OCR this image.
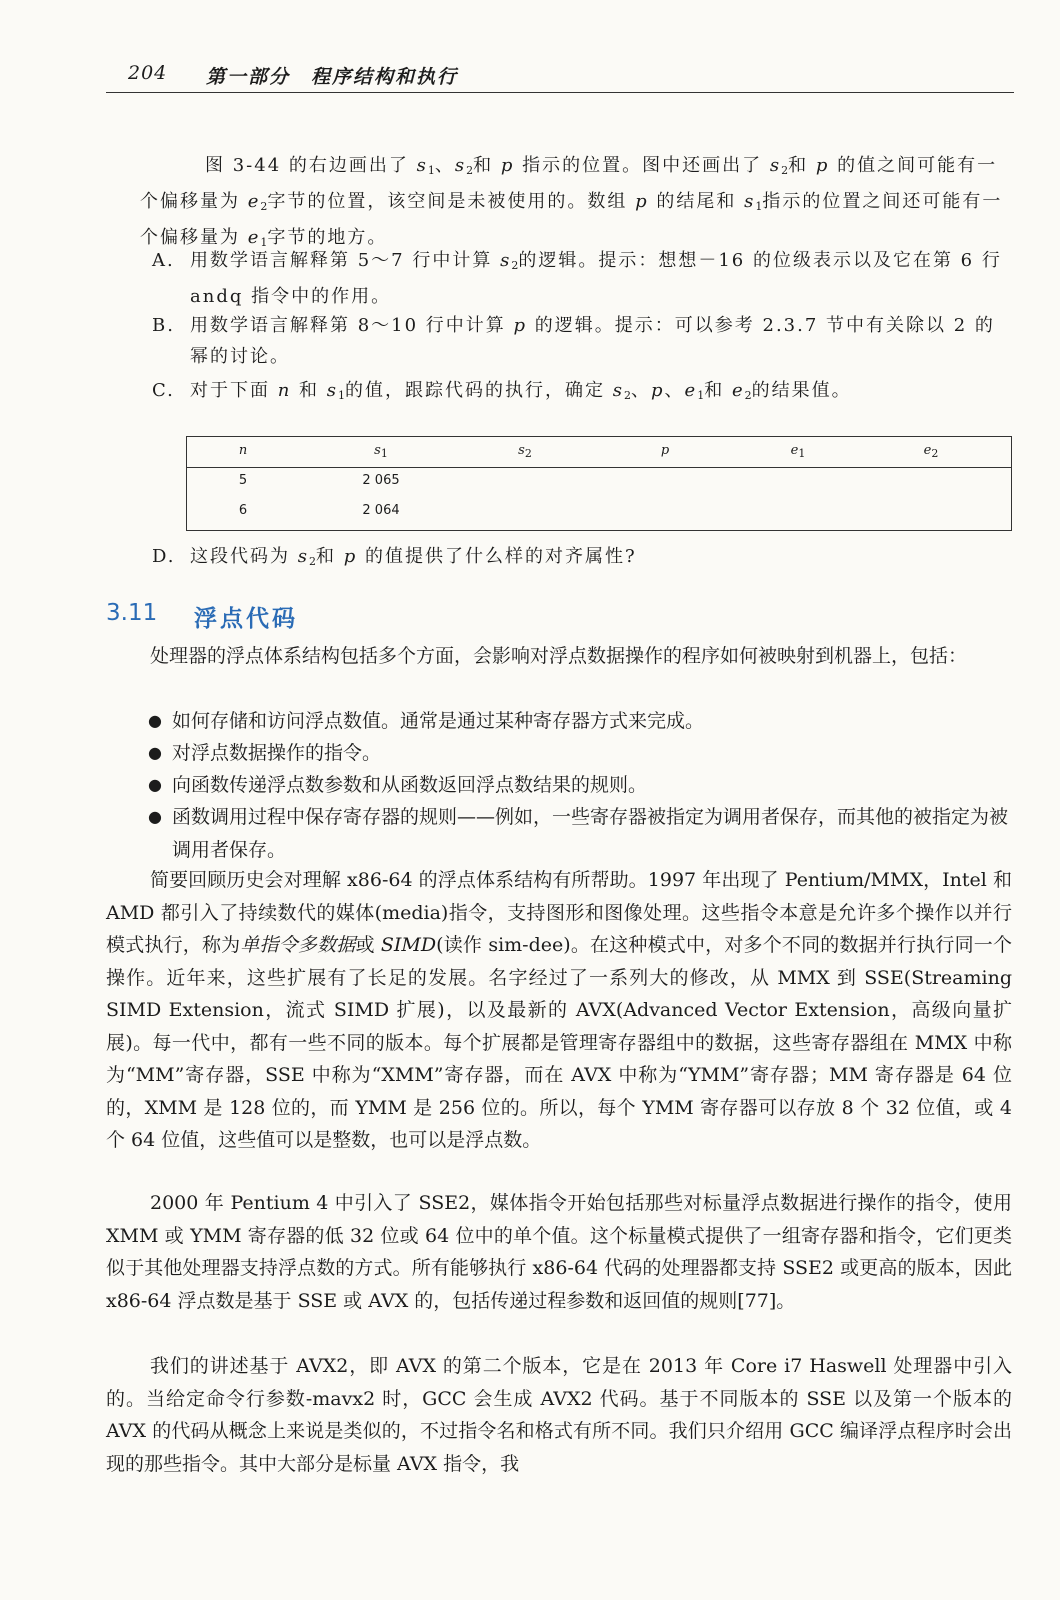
204 第一部分　程序结构和执行

图 3-44 的右边画出了 $s_1$、$s_2$和 p 指示的位置。图中还画出了 $s_2$和 p 的值之间可能有一个偏移量为 $e_2$字节的位置，该空间是未被使用的。数组 p 的结尾和 $s_1$指示的位置之间还可能有一个偏移量为 $e_1$字节的地方。

A. 用数学语言解释第 5～7 行中计算 $s_2$的逻辑。提示：想想－16 的位级表示以及它在第 6 行 andq 指令中的作用。
B. 用数学语言解释第 8～10 行中计算 p 的逻辑。提示：可以参考 2.3.7 节中有关除以 2 的幂的讨论。
C. 对于下面 n 和 $s_1$的值，跟踪代码的执行，确定 $s_2$、p、$e_1$和 $e_2$的结果值。
n	$s_1$	$s_2$	p	$e_1$	$e_2$
5	2 065
6	2 064
D. 这段代码为 $s_2$和 p 的值提供了什么样的对齐属性?
3.11 浮点代码

处理器的浮点体系结构包括多个方面，会影响对浮点数据操作的程序如何被映射到机器上，包括：

● 如何存储和访问浮点数值。通常是通过某种寄存器方式来完成。
● 对浮点数据操作的指令。
● 向函数传递浮点数参数和从函数返回浮点数结果的规则。
● 函数调用过程中保存寄存器的规则——例如，一些寄存器被指定为调用者保存，而其他的被指定为被调用者保存。

简要回顾历史会对理解 x86-64 的浮点体系结构有所帮助。1997 年出现了 Pentium/MMX，Intel 和 AMD 都引入了持续数代的媒体(media)指令，支持图形和图像处理。这些指令本意是允许多个操作以并行模式执行，称为单指令多数据或 SIMD(读作 sim-dee)。在这种模式中，对多个不同的数据并行执行同一个操作。近年来，这些扩展有了长足的发展。名字经过了一系列大的修改，从 MMX 到 SSE(Streaming SIMD Extension，流式 SIMD 扩展)，以及最新的 AVX(Advanced Vector Extension，高级向量扩展)。每一代中，都有一些不同的版本。每个扩展都是管理寄存器组中的数据，这些寄存器组在 MMX 中称为“MM”寄存器，SSE 中称为“XMM”寄存器，而在 AVX 中称为“YMM”寄存器；MM 寄存器是 64 位的，XMM 是 128 位的，而 YMM 是 256 位的。所以，每个 YMM 寄存器可以存放 8 个 32 位值，或 4 个 64 位值，这些值可以是整数，也可以是浮点数。

2000 年 Pentium 4 中引入了 SSE2，媒体指令开始包括那些对标量浮点数据进行操作的指令，使用 XMM 或 YMM 寄存器的低 32 位或 64 位中的单个值。这个标量模式提供了一组寄存器和指令，它们更类似于其他处理器支持浮点数的方式。所有能够执行 x86-64 代码的处理器都支持 SSE2 或更高的版本，因此 x86-64 浮点数是基于 SSE 或 AVX 的，包括传递过程参数和返回值的规则[77]。

我们的讲述基于 AVX2，即 AVX 的第二个版本，它是在 2013 年 Core i7 Haswell 处理器中引入的。当给定命令行参数-mavx2 时，GCC 会生成 AVX2 代码。基于不同版本的 SSE 以及第一个版本的 AVX 的代码从概念上来说是类似的，不过指令名和格式有所不同。我们只介绍用 GCC 编译浮点程序时会出现的那些指令。其中大部分是标量 AVX 指令，我
